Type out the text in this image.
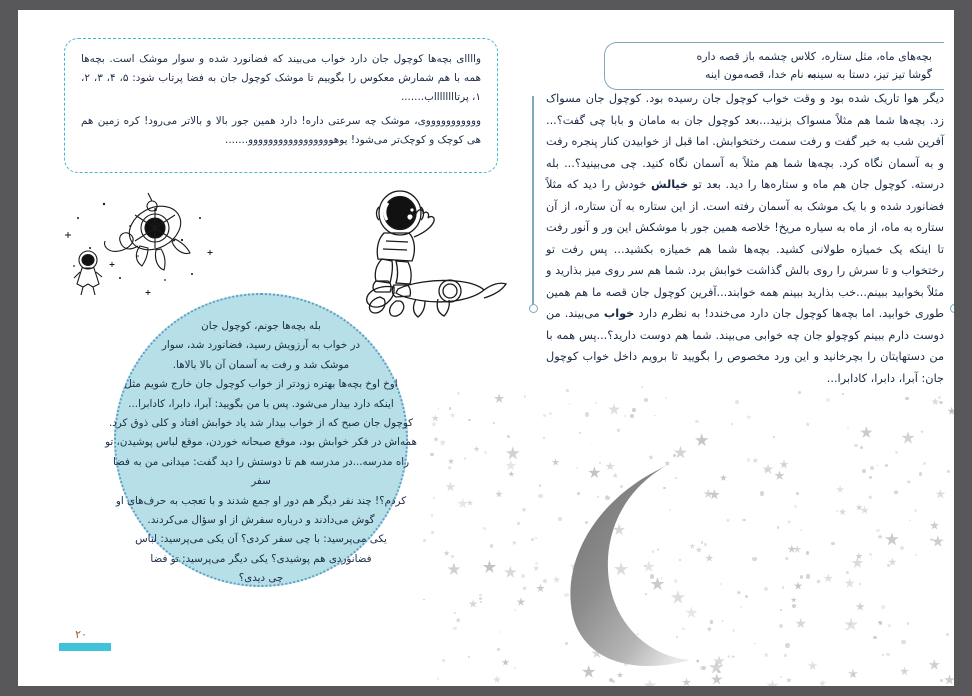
بچه‌های ماه، مثل ستاره،
کلاس چشمه باز قصه داره
گوشا تیز تیز، دستا به سینه،
به نام خدا، قصه‌مون اینه
دیگر هوا تاریک شده بود و وقت خواب کوچول جان رسیده بود. کوچول جان مسواک زد. بچه‌ها شما هم مثلاً مسواک بزنید...بعد کوچول جان به مامان و بابا چی گفت؟... آفرین شب به خیر گفت و رفت سمت رختخوابش. اما قبل از خوابیدن کنار پنجره رفت و به آسمان نگاه کرد. بچه‌ها شما هم مثلاً به آسمان نگاه کنید. چی می‌بینید؟... بله درسته. کوچول جان هم ماه و ستاره‌ها را دید. بعد تو خیالش خودش را دید که مثلاً فضانورد شده و با یک موشک به آسمان رفته است. از این ستاره به آن ستاره، از آن ستاره به ماه، از ماه به سیاره مریخ! خلاصه همین جور با موشکش این ور و آنور رفت تا اینکه یک خمیازه طولانی کشید. بچه‌ها شما هم خمیازه بکشید... پس رفت تو رختخواب و تا سرش را روی بالش گذاشت خوابش برد. شما هم سر روی میز بذارید و مثلاً بخوابید ببینم...خب بذارید ببینم همه خوابند...آفرین کوچول جان قصه ما هم همین طوری خوابید. اما بچه‌ها کوچول جان دارد می‌خندد! به نظرم دارد خواب می‌بیند. من دوست دارم ببینم کوچولو جان چه خوابی می‌بیند. شما هم دوست دارید؟...پس همه با من دستهایتان را بچرخانید و این ورد مخصوص را بگویید تا برویم داخل خواب کوچول جان: آبرا، دابرا، کادابرا...

واااای بچه‌ها کوچول جان دارد خواب می‌بیند که فضانورد شده و سوار موشک است. بچه‌ها همه با هم شمارش معکوس را بگوییم تا موشک کوچول جان به فضا پرتاب شود: ۵، ۴، ۳، ۲، ۱، پرتااااااااب.......

وووووووووووی، موشک چه سرعتی داره! دارد همین جور بالا و بالاتر می‌رود! کره زمین هم هی کوچک و کوچک‌تر می‌شود! یوهووووووووووووووووو.......

بله بچه‌ها جونم، کوچول جان

در خواب به آرزویش رسید، فضانورد شد، سوار

موشک شد و رفت به آسمان آن بالا بالاها.

اوخ اوخ بچه‌ها بهتره زودتر از خواب کوچول جان خارج شویم مثل

اینکه دارد بیدار می‌شود. پس با من بگویید: آبرا، دابرا، کادابرا...

کوچول جان صبح که از خواب بیدار شد یاد خوابش افتاد و کلی ذوق کرد.

همه‌اش در فکر خوابش بود، موقع صبحانه خوردن، موقع لباس پوشیدن، تو

راه مدرسه...در مدرسه هم تا دوستش را دید گفت: میدانی من به فضا سفر

کردم؟! چند نفر دیگر هم دور او جمع شدند و با تعجب به حرف‌های او

گوش می‌دادند و درباره سفرش از او سؤال می‌کردند.

یکی می‌پرسید: با چی سفر کردی؟ آن یکی می‌پرسید: لباس

فضانوردی هم پوشیدی؟ یکی دیگر می‌پرسید: تو فضا

چی دیدی؟

۲۰
